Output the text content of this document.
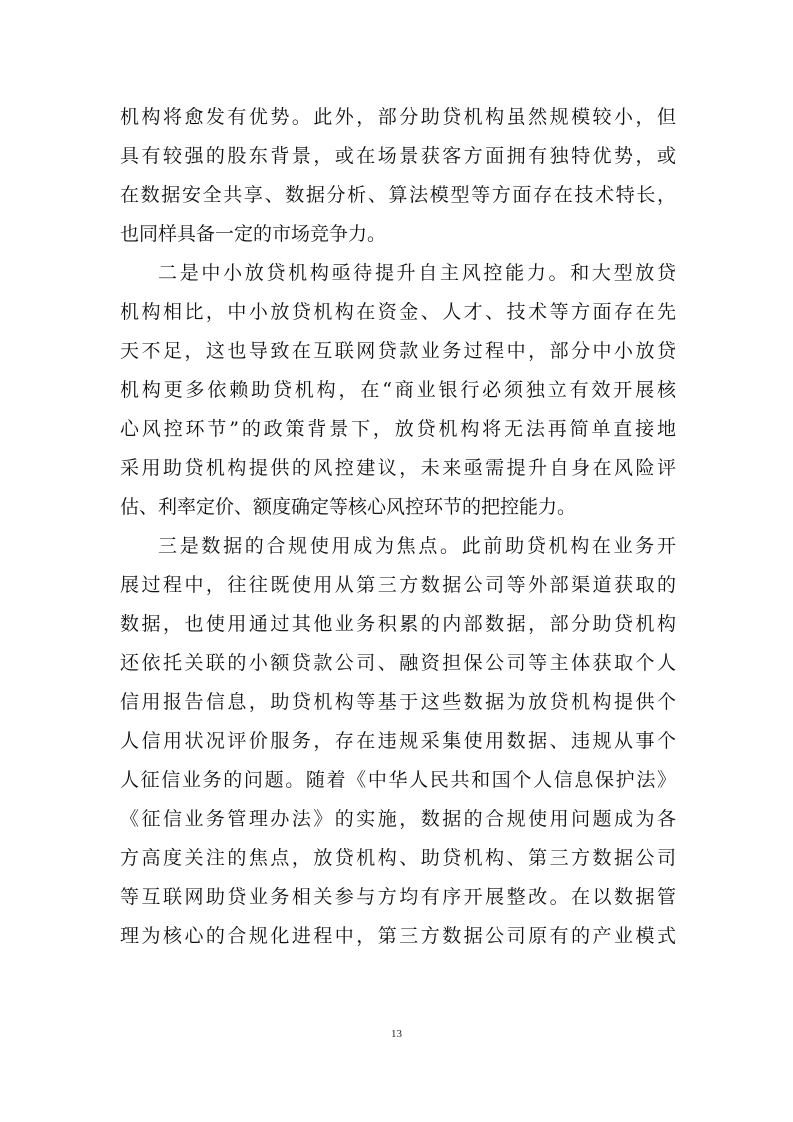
机构将愈发有优势。此外，部分助贷机构虽然规模较小，但
具有较强的股东背景，或在场景获客方面拥有独特优势，或
在数据安全共享、数据分析、算法模型等方面存在技术特长，
也同样具备一定的市场竞争力。
二是中小放贷机构亟待提升自主风控能力。和大型放贷
机构相比，中小放贷机构在资金、人才、技术等方面存在先
天不足，这也导致在互联网贷款业务过程中，部分中小放贷
机构更多依赖助贷机构，在“商业银行必须独立有效开展核
心风控环节”的政策背景下，放贷机构将无法再简单直接地
采用助贷机构提供的风控建议，未来亟需提升自身在风险评
估、利率定价、额度确定等核心风控环节的把控能力。
三是数据的合规使用成为焦点。此前助贷机构在业务开
展过程中，往往既使用从第三方数据公司等外部渠道获取的
数据，也使用通过其他业务积累的内部数据，部分助贷机构
还依托关联的小额贷款公司、融资担保公司等主体获取个人
信用报告信息，助贷机构等基于这些数据为放贷机构提供个
人信用状况评价服务，存在违规采集使用数据、违规从事个
人征信业务的问题。随着《中华人民共和国个人信息保护法》
《征信业务管理办法》的实施，数据的合规使用问题成为各
方高度关注的焦点，放贷机构、助贷机构、第三方数据公司
等互联网助贷业务相关参与方均有序开展整改。在以数据管
理为核心的合规化进程中，第三方数据公司原有的产业模式
13
